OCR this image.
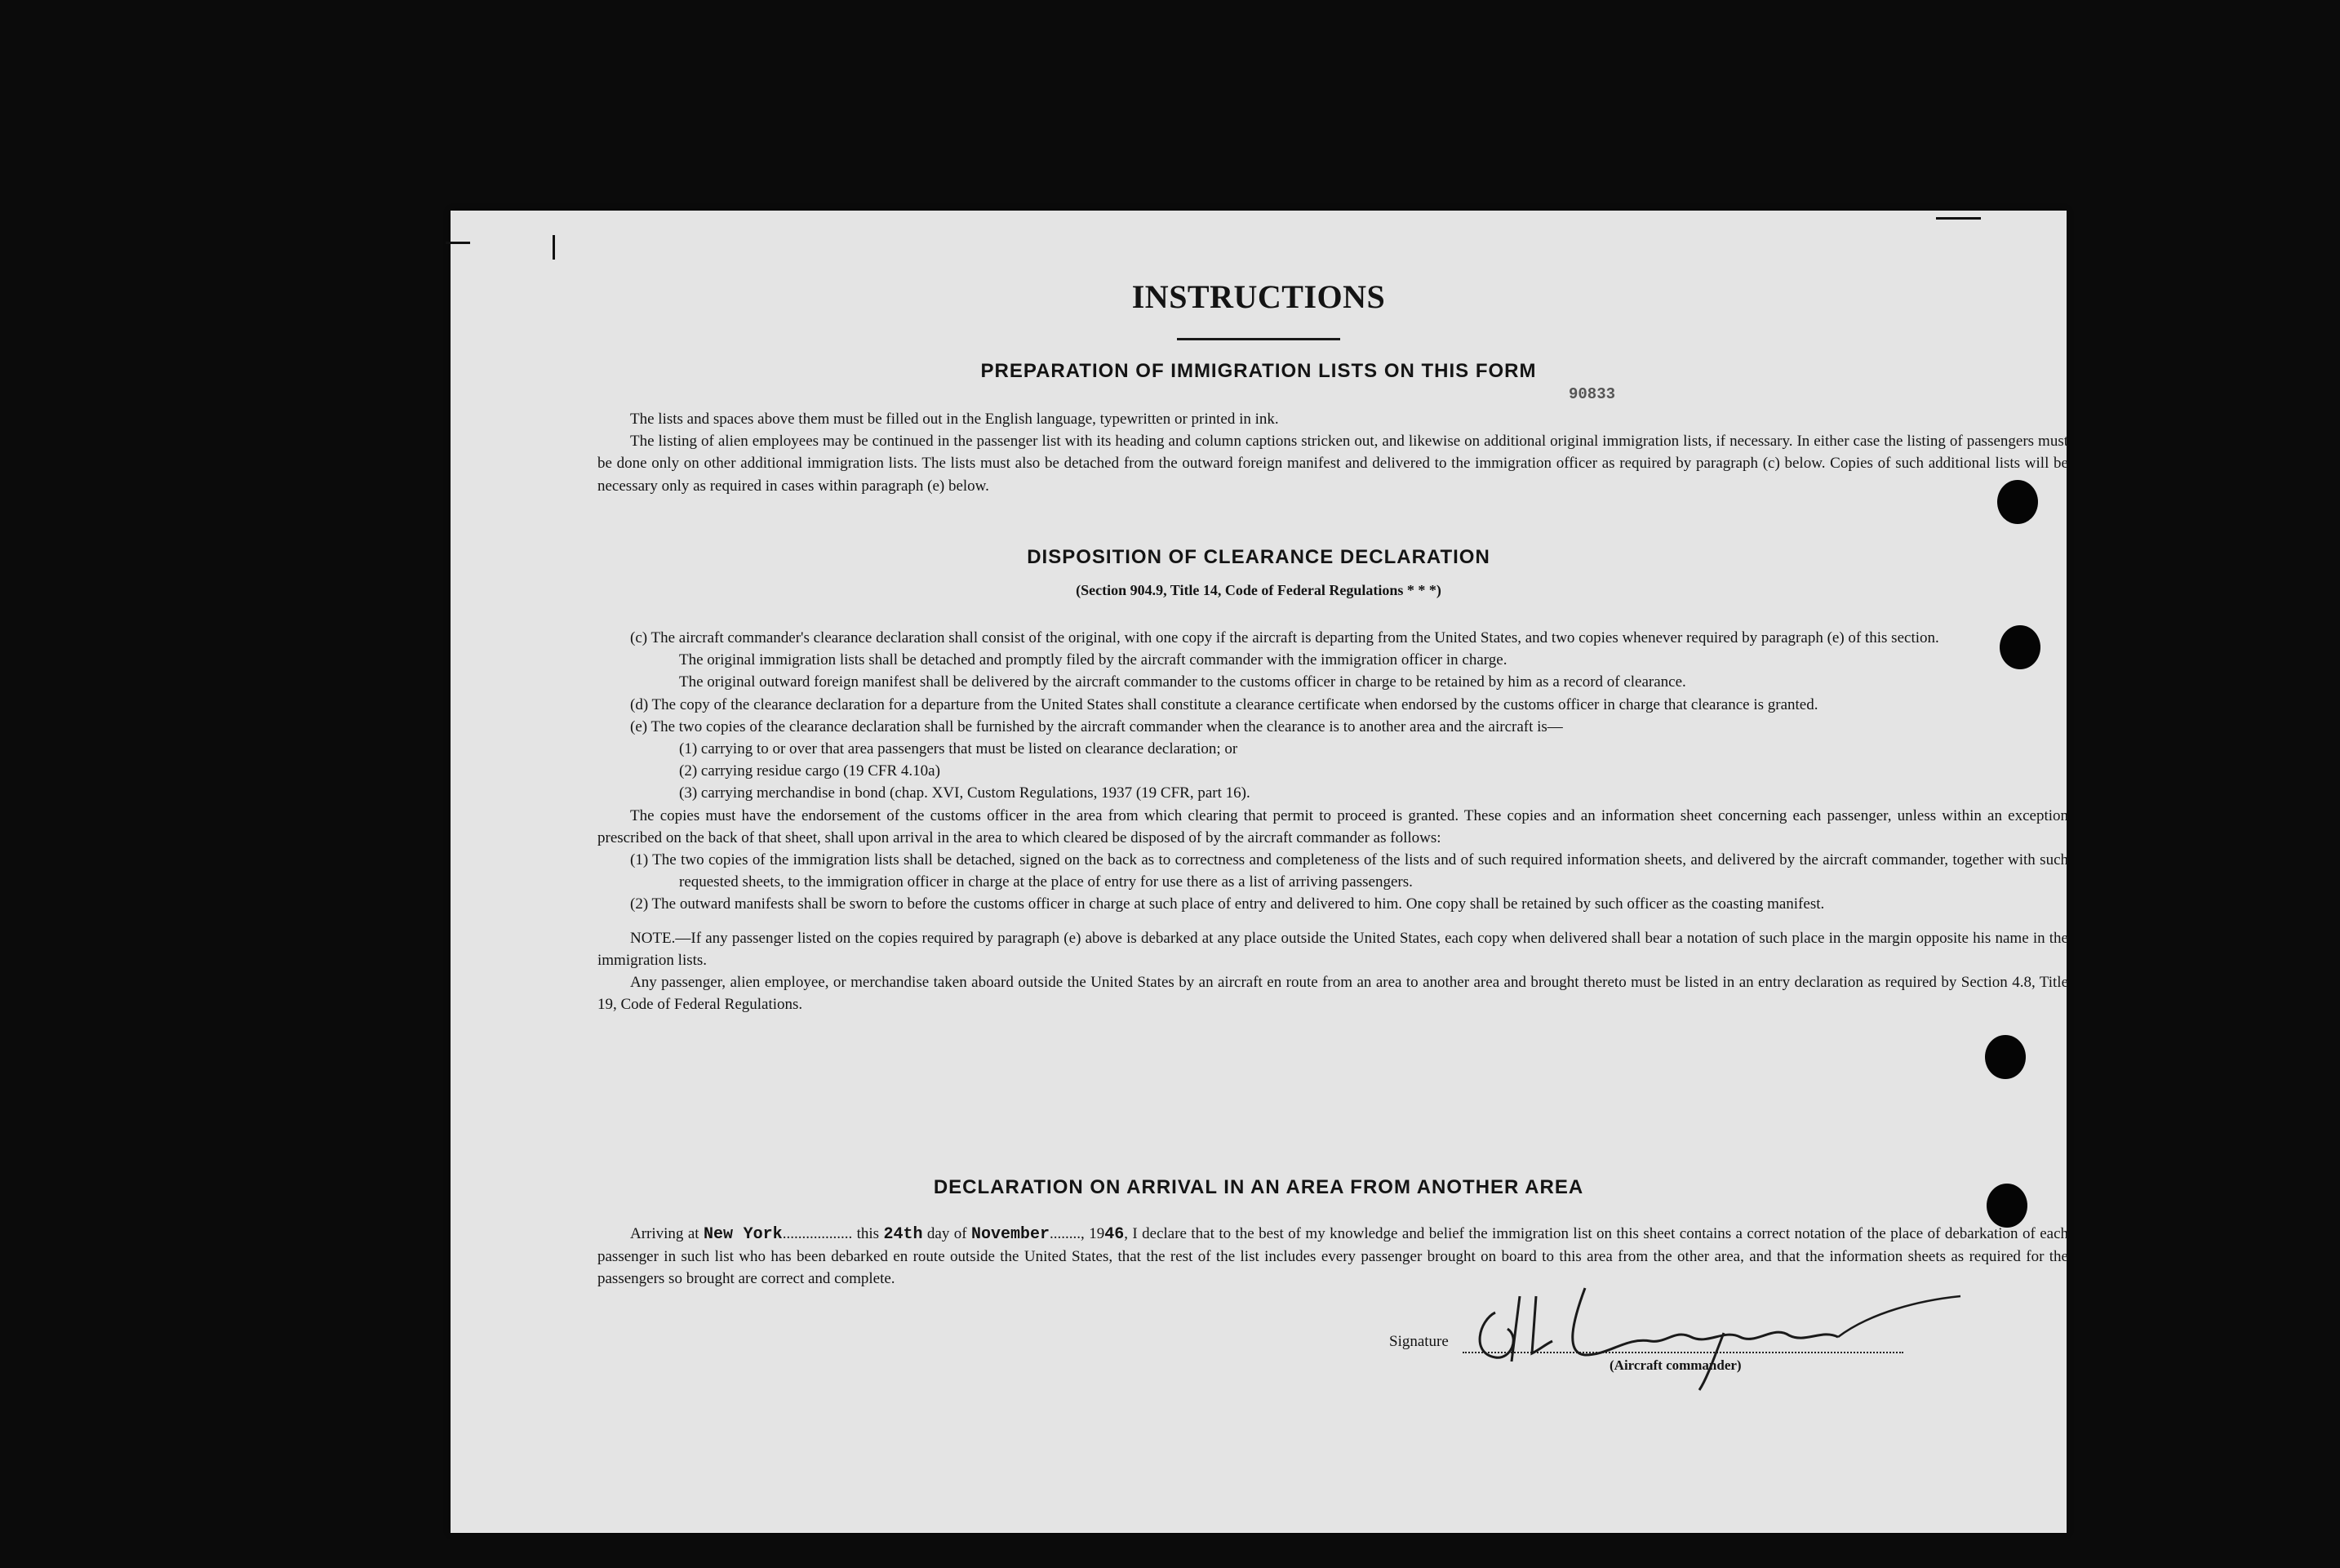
INSTRUCTIONS
PREPARATION OF IMMIGRATION LISTS ON THIS FORM
90833

The lists and spaces above them must be filled out in the English language, typewritten or printed in ink.

The listing of alien employees may be continued in the passenger list with its heading and column captions stricken out, and likewise on additional original immigration lists, if necessary. In either case the listing of passengers must be done only on other additional immigration lists. The lists must also be detached from the outward foreign manifest and delivered to the immigration officer as required by paragraph (c) below. Copies of such additional lists will be necessary only as required in cases within paragraph (e) below.

DISPOSITION OF CLEARANCE DECLARATION
(Section 904.9, Title 14, Code of Federal Regulations * * *)

(c) The aircraft commander's clearance declaration shall consist of the original, with one copy if the aircraft is departing from the United States, and two copies whenever required by paragraph (e) of this section.

The original immigration lists shall be detached and promptly filed by the aircraft commander with the immigration officer in charge.

The original outward foreign manifest shall be delivered by the aircraft commander to the customs officer in charge to be retained by him as a record of clearance.

(d) The copy of the clearance declaration for a departure from the United States shall constitute a clearance certificate when endorsed by the customs officer in charge that clearance is granted.

(e) The two copies of the clearance declaration shall be furnished by the aircraft commander when the clearance is to another area and the aircraft is—

(1) carrying to or over that area passengers that must be listed on clearance declaration; or

(2) carrying residue cargo (19 CFR 4.10a)

(3) carrying merchandise in bond (chap. XVI, Custom Regulations, 1937 (19 CFR, part 16).

The copies must have the endorsement of the customs officer in the area from which clearing that permit to proceed is granted. These copies and an information sheet concerning each passenger, unless within an exception prescribed on the back of that sheet, shall upon arrival in the area to which cleared be disposed of by the aircraft commander as follows:

(1) The two copies of the immigration lists shall be detached, signed on the back as to correctness and completeness of the lists and of such required information sheets, and delivered by the aircraft commander, together with such requested sheets, to the immigration officer in charge at the place of entry for use there as a list of arriving passengers.

(2) The outward manifests shall be sworn to before the customs officer in charge at such place of entry and delivered to him. One copy shall be retained by such officer as the coasting manifest.

NOTE.—If any passenger listed on the copies required by paragraph (e) above is debarked at any place outside the United States, each copy when delivered shall bear a notation of such place in the margin opposite his name in the immigration lists.

Any passenger, alien employee, or merchandise taken aboard outside the United States by an aircraft en route from an area to another area and brought thereto must be listed in an entry declaration as required by Section 4.8, Title 19, Code of Federal Regulations.

DECLARATION ON ARRIVAL IN AN AREA FROM ANOTHER AREA

Arriving at New York.................. this 24th day of November........, 1946, I declare that to the best of my knowledge and belief the immigration list on this sheet contains a correct notation of the place of debarkation of each passenger in such list who has been debarked en route outside the United States, that the rest of the list includes every passenger brought on board to this area from the other area, and that the information sheets as required for the passengers so brought are correct and complete.

Signature
(Aircraft commander)
